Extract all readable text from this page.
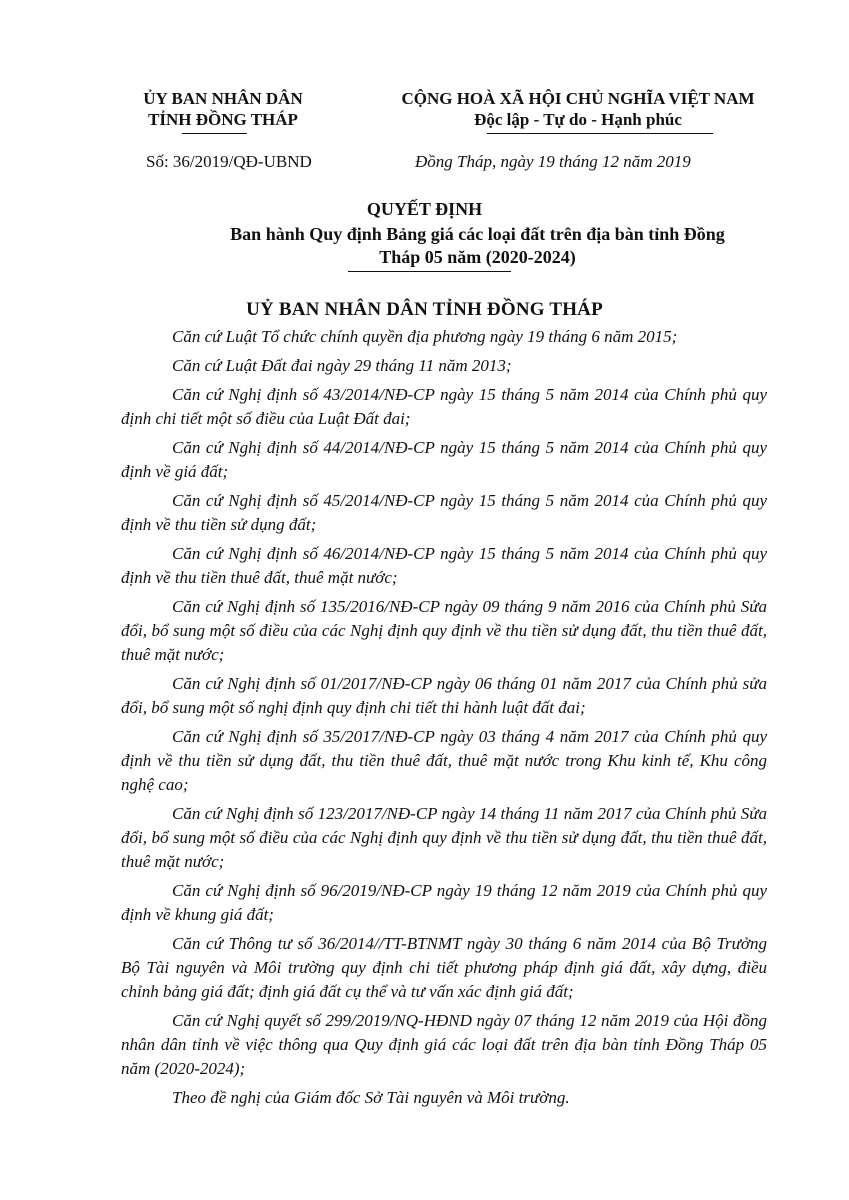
ỦY BAN NHÂN DÂN
TỈNH ĐỒNG THÁP
CỘNG HOÀ XÃ HỘI CHỦ NGHĨA VIỆT NAM
Độc lập - Tự do - Hạnh phúc
Số: 36/2019/QĐ-UBND	Đồng Tháp, ngày 19 tháng 12 năm 2019
QUYẾT ĐỊNH
Ban hành Quy định Bảng giá các loại đất trên địa bàn tỉnh Đồng
Tháp 05 năm (2020-2024)
UỶ BAN NHÂN DÂN TỈNH ĐỒNG THÁP

Căn cứ Luật Tổ chức chính quyền địa phương ngày 19 tháng 6 năm 2015;

Căn cứ Luật Đất đai ngày 29 tháng 11 năm 2013;

Căn cứ Nghị định số 43/2014/NĐ-CP ngày 15 tháng 5 năm 2014 của Chính phủ quy định chi tiết một số điều của Luật Đất đai;

Căn cứ Nghị định số 44/2014/NĐ-CP ngày 15 tháng 5 năm 2014 của Chính phủ quy định về giá đất;

Căn cứ Nghị định số 45/2014/NĐ-CP ngày 15 tháng 5 năm 2014 của Chính phủ quy định về thu tiền sử dụng đất;

Căn cứ Nghị định số 46/2014/NĐ-CP ngày 15 tháng 5 năm 2014 của Chính phủ quy định về thu tiền thuê đất, thuê mặt nước;

Căn cứ Nghị định số 135/2016/NĐ-CP ngày 09 tháng 9 năm 2016 của Chính phủ Sửa đổi, bổ sung một số điều của các Nghị định quy định về thu tiền sử dụng đất, thu tiền thuê đất, thuê mặt nước;

Căn cứ Nghị định số 01/2017/NĐ-CP ngày 06 tháng 01 năm 2017 của Chính phủ sửa đổi, bổ sung một số nghị định quy định chi tiết thi hành luật đất đai;

Căn cứ Nghị định số 35/2017/NĐ-CP ngày 03 tháng 4 năm 2017 của Chính phủ quy định về thu tiền sử dụng đất, thu tiền thuê đất, thuê mặt nước trong Khu kinh tế, Khu công nghệ cao;

Căn cứ Nghị định số 123/2017/NĐ-CP ngày 14 tháng 11 năm 2017 của Chính phủ Sửa đổi, bổ sung một số điều của các Nghị định quy định về thu tiền sử dụng đất, thu tiền thuê đất, thuê mặt nước;

Căn cứ Nghị định số 96/2019/NĐ-CP ngày 19 tháng 12 năm 2019 của Chính phủ quy định về khung giá đất;

Căn cứ Thông tư số 36/2014//TT-BTNMT ngày 30 tháng 6 năm 2014 của Bộ Trưởng Bộ Tài nguyên và Môi trường quy định chi tiết phương pháp định giá đất, xây dựng, điều chỉnh bảng giá đất; định giá đất cụ thể và tư vấn xác định giá đất;

Căn cứ Nghị quyết số 299/2019/NQ-HĐND ngày 07 tháng 12 năm 2019 của Hội đồng nhân dân tỉnh về việc thông qua Quy định giá các loại đất trên địa bàn tỉnh Đồng Tháp 05 năm (2020-2024);

Theo đề nghị của Giám đốc Sở Tài nguyên và Môi trường.
